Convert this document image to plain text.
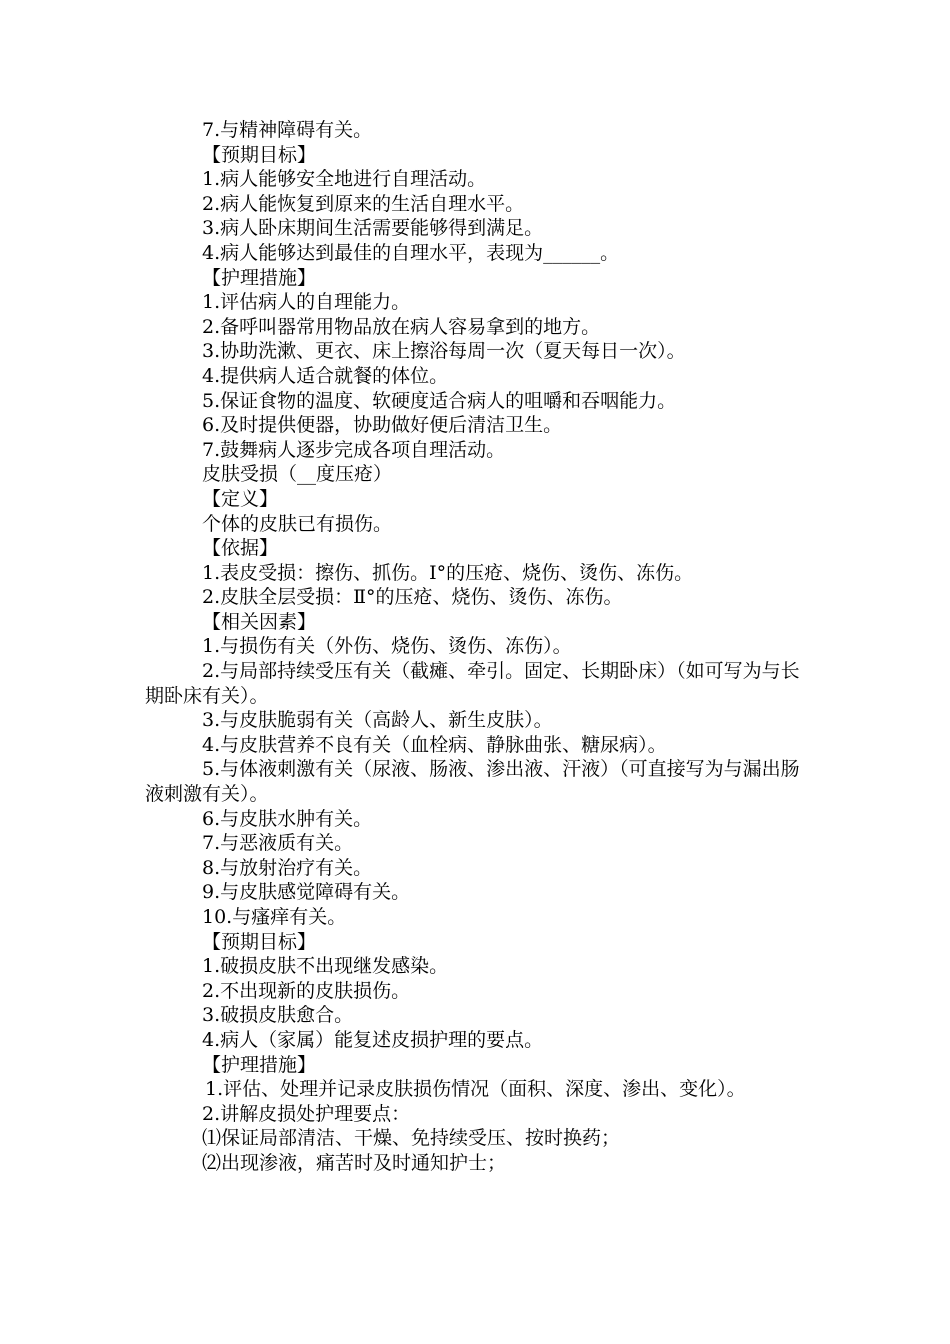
7.与精神障碍有关。
【预期目标】
1.病人能够安全地进行自理活动。
2.病人能恢复到原来的生活自理水平。
3.病人卧床期间生活需要能够得到满足。
4.病人能够达到最佳的自理水平，表现为______。
【护理措施】
1.评估病人的自理能力。
2.备呼叫器常用物品放在病人容易拿到的地方。
3.协助洗漱、更衣、床上擦浴每周一次（夏天每日一次）。
4.提供病人适合就餐的体位。
5.保证食物的温度、软硬度适合病人的咀嚼和吞咽能力。
6.及时提供便器，协助做好便后清洁卫生。
7.鼓舞病人逐步完成各项自理活动。
皮肤受损（__度压疮）
【定义】
个体的皮肤已有损伤。
【依据】
1.表皮受损：擦伤、抓伤。Ⅰ°的压疮、烧伤、烫伤、冻伤。
2.皮肤全层受损：Ⅱ°的压疮、烧伤、烫伤、冻伤。
【相关因素】
1.与损伤有关（外伤、烧伤、烫伤、冻伤）。
2.与局部持续受压有关（截瘫、牵引。固定、长期卧床）（如可写为与长期卧床有关）。
3.与皮肤脆弱有关（高龄人、新生皮肤）。
4.与皮肤营养不良有关（血栓病、静脉曲张、糖尿病）。
5.与体液刺激有关（尿液、肠液、渗出液、汗液）（可直接写为与漏出肠液刺激有关）。
6.与皮肤水肿有关。
7.与恶液质有关。
8.与放射治疗有关。
9.与皮肤感觉障碍有关。
10.与瘙痒有关。
【预期目标】
1.破损皮肤不出现继发感染。
2.不出现新的皮肤损伤。
3.破损皮肤愈合。
4.病人（家属）能复述皮损护理的要点。
【护理措施】
1.评估、处理并记录皮肤损伤情况（面积、深度、渗出、变化）。
2.讲解皮损处护理要点：
⑴保证局部清洁、干燥、免持续受压、按时换药；
⑵出现渗液，痛苦时及时通知护士；
